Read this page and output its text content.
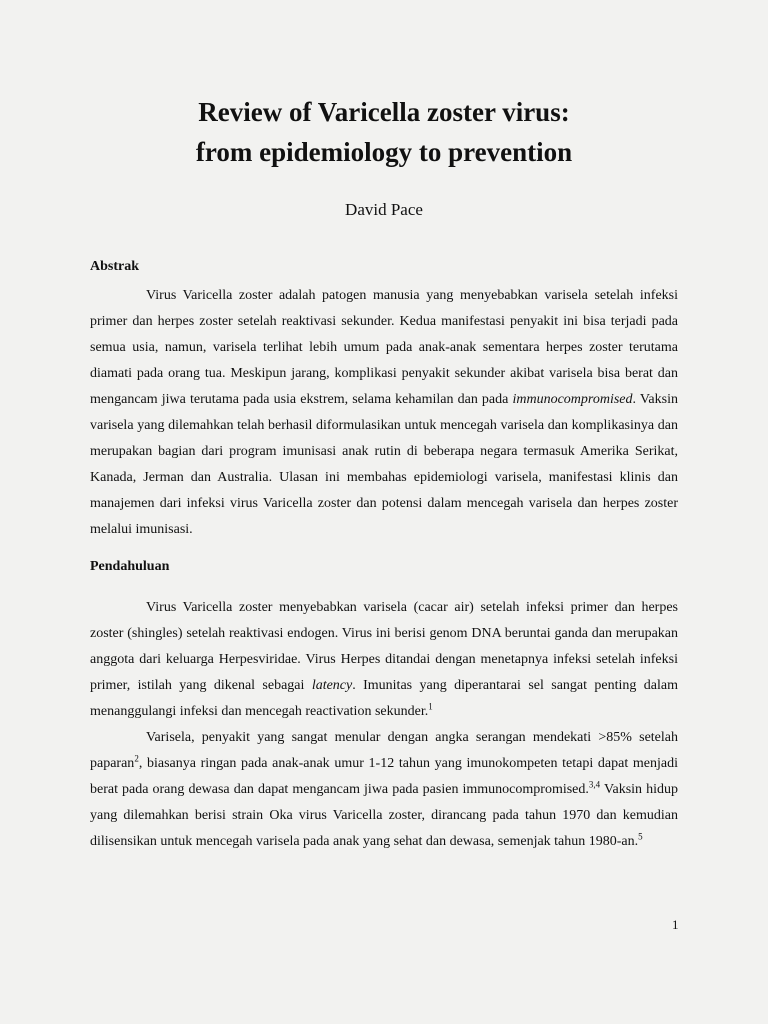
Review of Varicella zoster virus:
from epidemiology to prevention
David Pace
Abstrak

Virus Varicella zoster adalah patogen manusia yang menyebabkan varisela setelah infeksi primer dan herpes zoster setelah reaktivasi sekunder. Kedua manifestasi penyakit ini bisa terjadi pada semua usia, namun, varisela terlihat lebih umum pada anak-anak sementara herpes zoster terutama diamati pada orang tua. Meskipun jarang, komplikasi penyakit sekunder akibat varisela bisa berat dan mengancam jiwa terutama pada usia ekstrem, selama kehamilan dan pada immunocompromised. Vaksin varisela yang dilemahkan telah berhasil diformulasikan untuk mencegah varisela dan komplikasinya dan merupakan bagian dari program imunisasi anak rutin di beberapa negara termasuk Amerika Serikat, Kanada, Jerman dan Australia. Ulasan ini membahas epidemiologi varisela, manifestasi klinis dan manajemen dari infeksi virus Varicella zoster dan potensi dalam mencegah varisela dan herpes zoster melalui imunisasi.

Pendahuluan

Virus Varicella zoster menyebabkan varisela (cacar air) setelah infeksi primer dan herpes zoster (shingles) setelah reaktivasi endogen. Virus ini berisi genom DNA beruntai ganda dan merupakan anggota dari keluarga Herpesviridae. Virus Herpes ditandai dengan menetapnya infeksi setelah infeksi primer, istilah yang dikenal sebagai latency. Imunitas yang diperantarai sel sangat penting dalam menanggulangi infeksi dan mencegah reactivation sekunder.$^1$

Varisela, penyakit yang sangat menular dengan angka serangan mendekati >85% setelah paparan$^2$, biasanya ringan pada anak-anak umur 1-12 tahun yang imunokompeten tetapi dapat menjadi berat pada orang dewasa dan dapat mengancam jiwa pada pasien immunocompromised.$^{3,4}$ Vaksin hidup yang dilemahkan berisi strain Oka virus Varicella zoster, dirancang pada tahun 1970 dan kemudian dilisensikan untuk mencegah varisela pada anak yang sehat dan dewasa, semenjak tahun 1980-an.$^5$

1
